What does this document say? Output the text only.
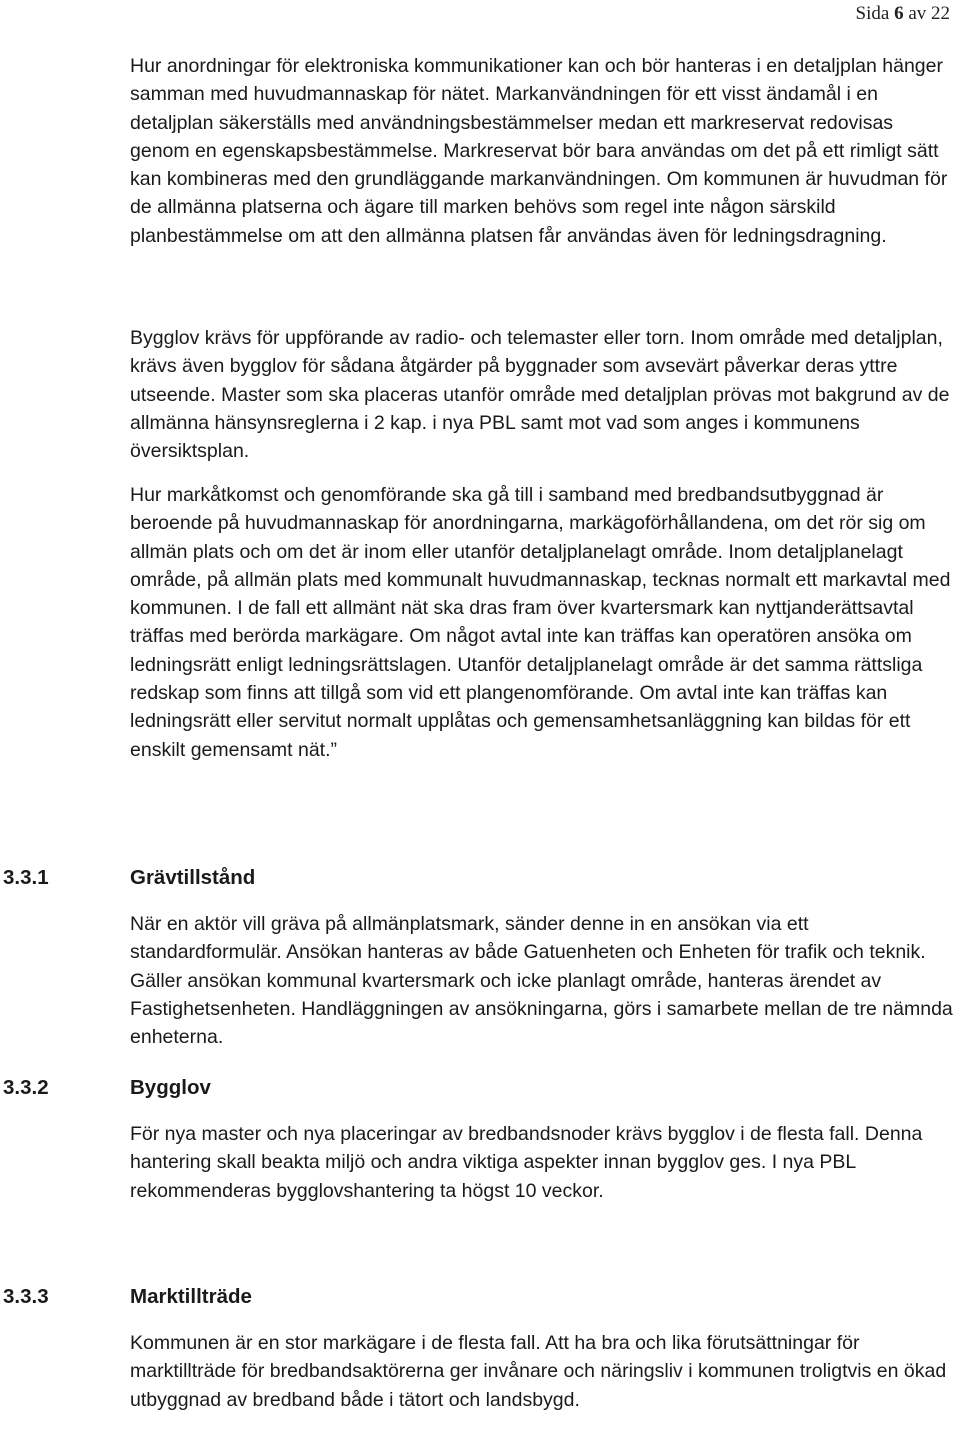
Sida 6 av 22

Hur anordningar för elektroniska kommunikationer kan och bör hanteras i en detaljplan hänger samman med huvudmannaskap för nätet. Markanvändningen för ett visst ändamål i en detaljplan säkerställs med användningsbestämmelser medan ett markreservat redovisas genom en egenskapsbestämmelse. Markreservat bör bara användas om det på ett rimligt sätt kan kombineras med den grundläggande markanvändningen. Om kommunen är huvudman för de allmänna platserna och ägare till marken behövs som regel inte någon särskild planbestämmelse om att den allmänna platsen får användas även för ledningsdragning.

Bygglov krävs för uppförande av radio- och telemaster eller torn. Inom område med detaljplan, krävs även bygglov för sådana åtgärder på byggnader som avsevärt påverkar deras yttre utseende. Master som ska placeras utanför område med detaljplan prövas mot bakgrund av de allmänna hänsynsreglerna i 2 kap. i nya PBL samt mot vad som anges i kommunens översiktsplan.

Hur markåtkomst och genomförande ska gå till i samband med bredbandsutbyggnad är beroende på huvudmannaskap för anordningarna, markägoförhållandena, om det rör sig om allmän plats och om det är inom eller utanför detaljplanelagt område. Inom detaljplanelagt område, på allmän plats med kommunalt huvudmannaskap, tecknas normalt ett markavtal med kommunen. I de fall ett allmänt nät ska dras fram över kvartersmark kan nyttjanderättsavtal träffas med berörda markägare. Om något avtal inte kan träffas kan operatören ansöka om ledningsrätt enligt ledningsrättslagen. Utanför detaljplanelagt område är det samma rättsliga redskap som finns att tillgå som vid ett plangenomförande. Om avtal inte kan träffas kan ledningsrätt eller servitut normalt upplåtas och gemensamhetsanläggning kan bildas för ett enskilt gemensamt nät.”

3.3.1	Grävtillstånd

När en aktör vill gräva på allmänplatsmark, sänder denne in en ansökan via ett standardformulär. Ansökan hanteras av både Gatuenheten och Enheten för trafik och teknik. Gäller ansökan kommunal kvartersmark och icke planlagt område, hanteras ärendet av Fastighetsenheten. Handläggningen av ansökningarna, görs i samarbete mellan de tre nämnda enheterna.

3.3.2	Bygglov

För nya master och nya placeringar av bredbandsnoder krävs bygglov i de flesta fall. Denna hantering skall beakta miljö och andra viktiga aspekter innan bygglov ges. I nya PBL rekommenderas bygglovshantering ta högst 10 veckor.

3.3.3	Marktillträde

Kommunen är en stor markägare i de flesta fall. Att ha bra och lika förutsättningar för marktillträde för bredbandsaktörerna ger invånare och näringsliv i kommunen troligtvis en ökad utbyggnad av bredband både i tätort och landsbygd.
